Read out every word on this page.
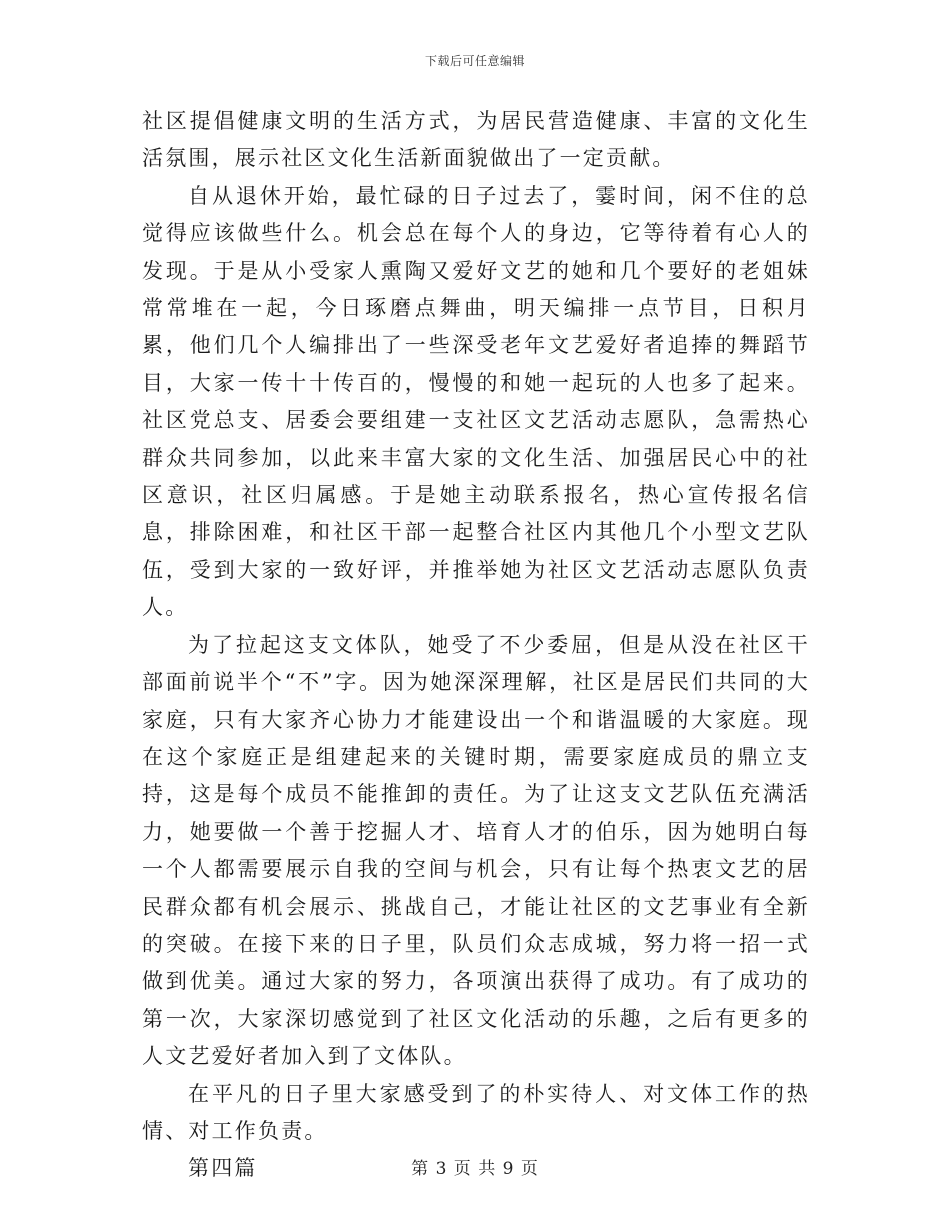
下载后可任意编辑

社区提倡健康文明的生活方式，为居民营造健康、丰富的文化生活氛围，展示社区文化生活新面貌做出了一定贡献。

自从退休开始，最忙碌的日子过去了，霎时间，闲不住的总觉得应该做些什么。机会总在每个人的身边，它等待着有心人的发现。于是从小受家人熏陶又爱好文艺的她和几个要好的老姐妹常常堆在一起，今日琢磨点舞曲，明天编排一点节目，日积月累，他们几个人编排出了一些深受老年文艺爱好者追捧的舞蹈节目，大家一传十十传百的，慢慢的和她一起玩的人也多了起来。社区党总支、居委会要组建一支社区文艺活动志愿队，急需热心群众共同参加，以此来丰富大家的文化生活、加强居民心中的社区意识，社区归属感。于是她主动联系报名，热心宣传报名信息，排除困难，和社区干部一起整合社区内其他几个小型文艺队伍，受到大家的一致好评，并推举她为社区文艺活动志愿队负责人。

为了拉起这支文体队，她受了不少委屈，但是从没在社区干部面前说半个“不”字。因为她深深理解，社区是居民们共同的大家庭，只有大家齐心协力才能建设出一个和谐温暖的大家庭。现在这个家庭正是组建起来的关键时期，需要家庭成员的鼎立支持，这是每个成员不能推卸的责任。为了让这支文艺队伍充满活力，她要做一个善于挖掘人才、培育人才的伯乐，因为她明白每一个人都需要展示自我的空间与机会，只有让每个热衷文艺的居民群众都有机会展示、挑战自己，才能让社区的文艺事业有全新的突破。在接下来的日子里，队员们众志成城，努力将一招一式做到优美。通过大家的努力，各项演出获得了成功。有了成功的第一次，大家深切感觉到了社区文化活动的乐趣，之后有更多的人文艺爱好者加入到了文体队。

在平凡的日子里大家感受到了的朴实待人、对文体工作的热情、对工作负责。

第四篇	第 3 页 共 9 页
